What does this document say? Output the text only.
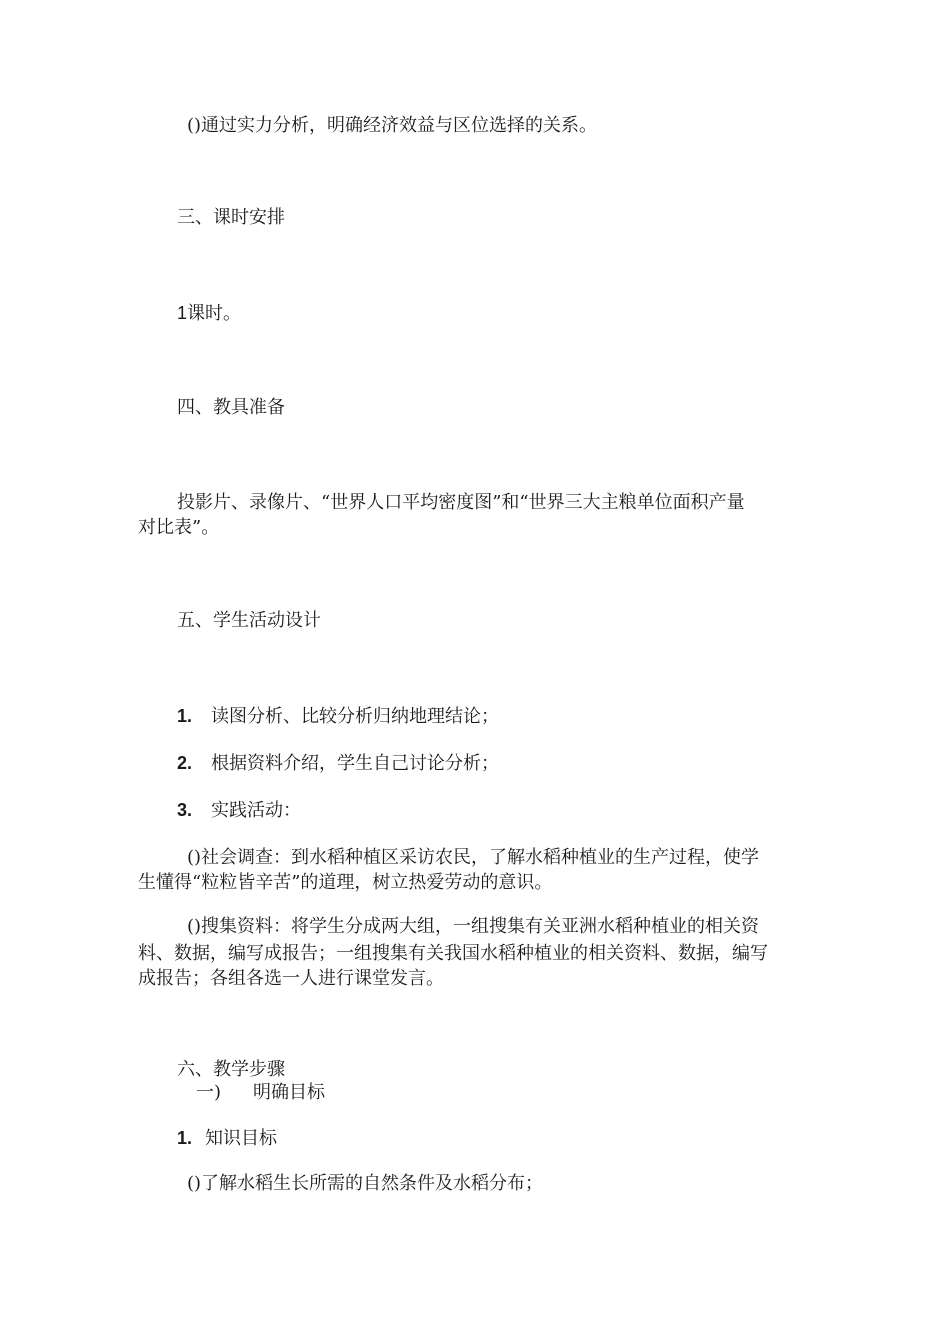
()通过实力分析，明确经济效益与区位选择的关系。
三、课时安排
1课时。
四、教具准备
投影片、录像片、“世界人口平均密度图”和“世界三大主粮单位面积产量
对比表”。
五、学生活动设计
1. 读图分析、比较分析归纳地理结论；
2. 根据资料介绍，学生自己讨论分析；
3. 实践活动：
()社会调查：到水稻种植区采访农民，了解水稻种植业的生产过程，使学
生懂得“粒粒皆辛苦”的道理，树立热爱劳动的意识。
()搜集资料：将学生分成两大组，一组搜集有关亚洲水稻种植业的相关资
料、数据，编写成报告；一组搜集有关我国水稻种植业的相关资料、数据，编写
成报告；各组各选一人进行课堂发言。
六、教学步骤
一) 明确目标
1. 知识目标
()了解水稻生长所需的自然条件及水稻分布；
